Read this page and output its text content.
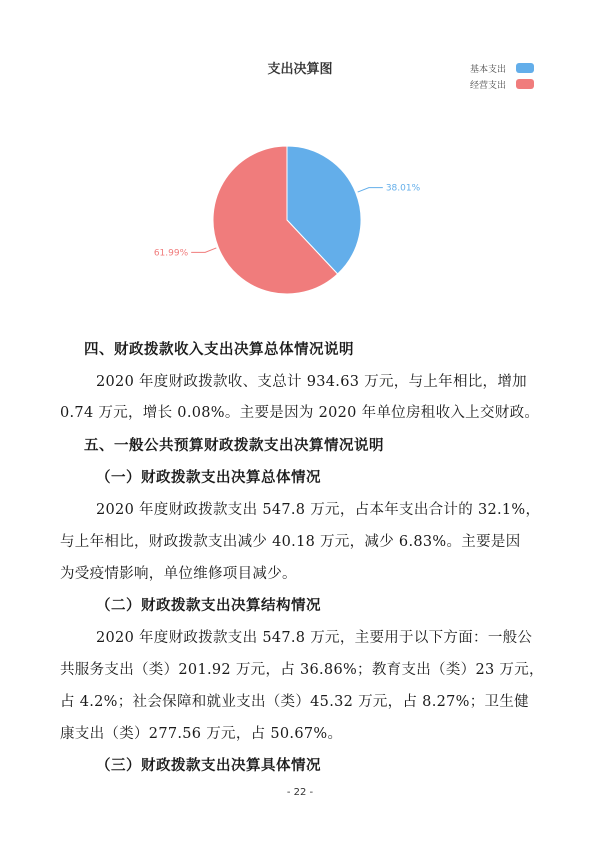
支出决算图	基本支出
经营支出
38.01%
61.99%
四、财政拨款收入支出决算总体情况说明
2020 年度财政拨款收、支总计 934.63 万元，与上年相比，增加
0.74 万元，增长 0.08%。主要是因为 2020 年单位房租收入上交财政。
五、一般公共预算财政拨款支出决算情况说明
（一）财政拨款支出决算总体情况
2020 年度财政拨款支出 547.8 万元，占本年支出合计的 32.1%，
与上年相比，财政拨款支出减少 40.18 万元，减少 6.83%。主要是因
为受疫情影响，单位维修项目减少。
（二）财政拨款支出决算结构情况
2020 年度财政拨款支出 547.8 万元，主要用于以下方面：一般公
共服务支出（类）201.92 万元，占 36.86%；教育支出（类）23 万元，
占 4.2%；社会保障和就业支出（类）45.32 万元，占 8.27%；卫生健
康支出（类）277.56 万元，占 50.67%。
（三）财政拨款支出决算具体情况
- 22 -
